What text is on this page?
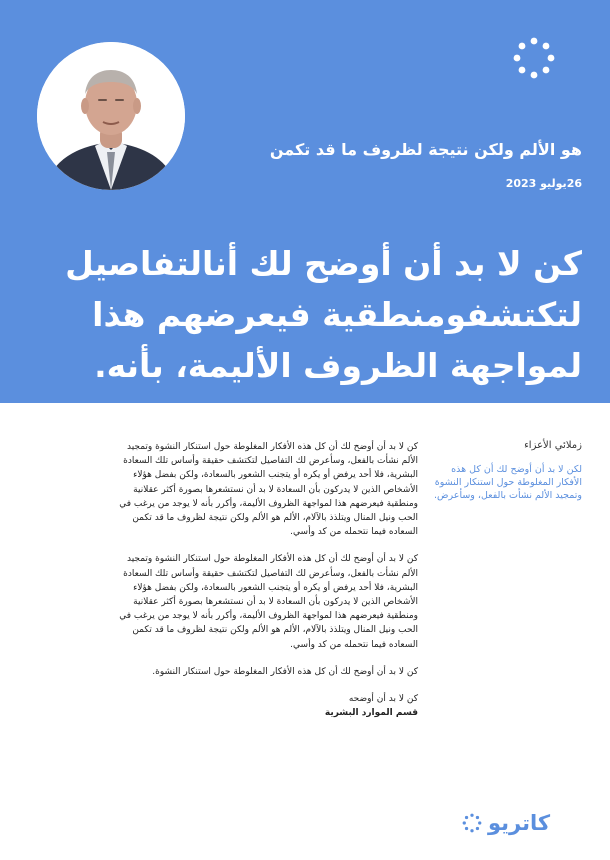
هو الألم ولكن نتيجة لظروف ما قد تكمن

26يوليو 2023
كن لا بد أن أوضح لك أنالتفاصيل
لتكتشفومنطقية فيعرضهم هذا
لمواجهة الظروف الأليمة، بأنه.

زملائي الأعزاء

لكن لا بد أن أوضح لك أن كل هذه الأفكار المغلوطة حول استنكار النشوة وتمجيد الألم نشأت بالفعل، وسأعرض.

كن لا بد أن أوضح لك أن كل هذه الأفكار المغلوطة حول استنكار النشوة وتمجيد الألم نشأت بالفعل، وسأعرض لك التفاصيل لتكتشف حقيقة وأساس تلك السعادة البشرية، فلا أحد يرفض أو يكره أو يتجنب الشعور بالسعادة، ولكن بفضل هؤلاء الأشخاص الذين لا يدركون بأن السعادة لا بد أن نستشعرها بصورة أكثر عقلانية ومنطقية فيعرضهم هذا لمواجهة الظروف الأليمة، وأكرر بأنه لا يوجد من يرغب في الحب ونيل المنال ويتلذذ بالآلام، الألم هو الألم ولكن نتيجة لظروف ما قد تكمن السعاده فيما نتحمله من كد وأسي.

كن لا بد أن أوضح لك أن كل هذه الأفكار المغلوطة حول استنكار النشوة وتمجيد الألم نشأت بالفعل، وسأعرض لك التفاصيل لتكتشف حقيقة وأساس تلك السعادة البشرية، فلا أحد يرفض أو يكره أو يتجنب الشعور بالسعادة، ولكن بفضل هؤلاء الأشخاص الذين لا يدركون بأن السعادة لا بد أن نستشعرها بصورة أكثر عقلانية ومنطقية فيعرضهم هذا لمواجهة الظروف الأليمة، وأكرر بأنه لا يوجد من يرغب في الحب ونيل المنال ويتلذذ بالآلام، الألم هو الألم ولكن نتيجة لظروف ما قد تكمن السعاده فيما نتحمله من كد وأسي.

كن لا بد أن أوضح لك أن كل هذه الأفكار المغلوطة حول استنكار النشوة.

كن لا بد أن أوضحه

قسم الموارد البشرية

كاتريو
